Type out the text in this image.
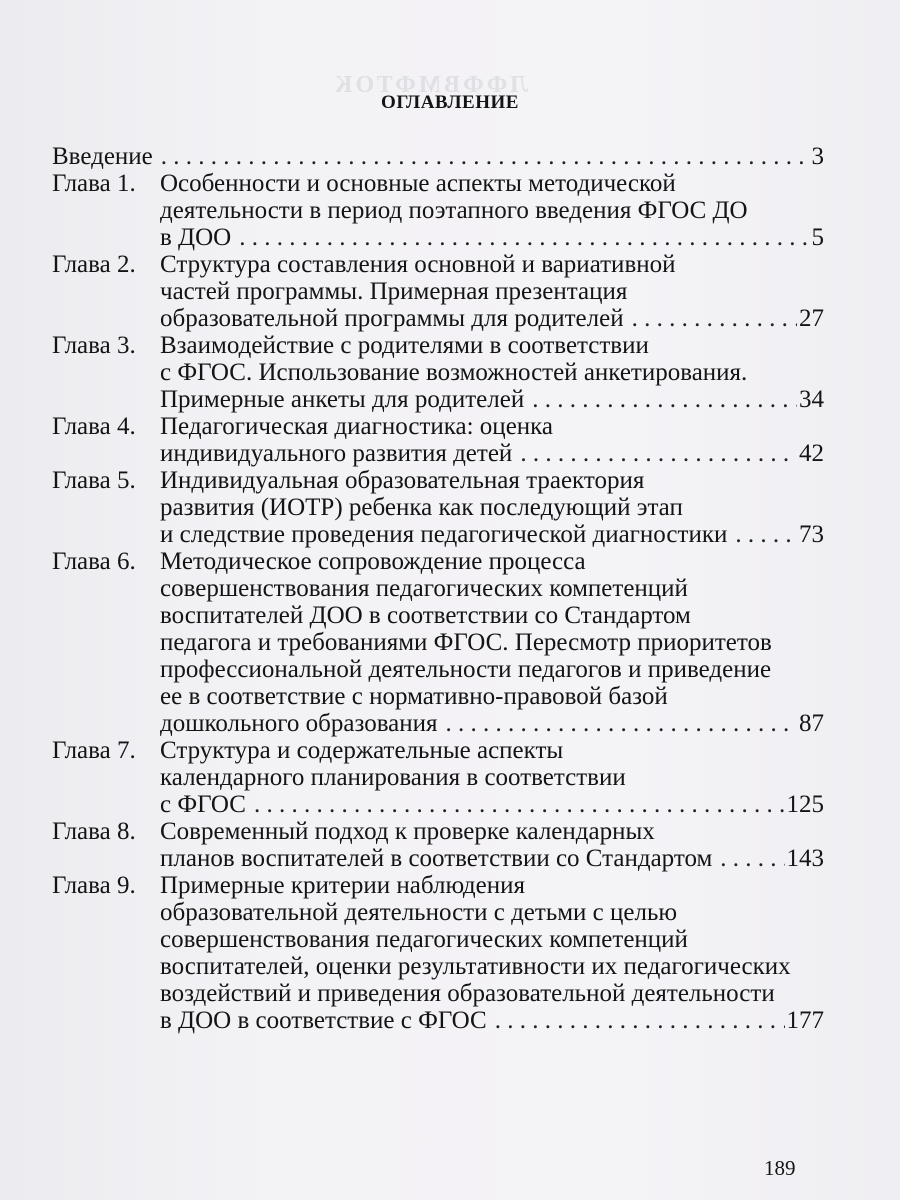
ЛФФВМФТОК
ОГЛАВЛЕНИЕ
Введение . . .	3
Глава 1. Особенности и основные аспекты методической
деятельности в период поэтапного введения ФГОС ДО
в ДОО . . .	5
Глава 2. Структура составления основной и вариативной
частей программы. Примерная презентация
образовательной программы для родителей . . .	27
Глава 3. Взаимодействие с родителями в соответствии
с ФГОС. Использование возможностей анкетирования.
Примерные анкеты для родителей . . .	34
Глава 4. Педагогическая диагностика: оценка
индивидуального развития детей . . .	42
Глава 5. Индивидуальная образовательная траектория
развития (ИОТР) ребенка как последующий этап
и следствие проведения педагогической диагностики . . .	73
Глава 6. Методическое сопровождение процесса
совершенствования педагогических компетенций
воспитателей ДОО в соответствии со Стандартом
педагога и требованиями ФГОС. Пересмотр приоритетов
профессиональной деятельности педагогов и приведение
ее в соответствие с нормативно-правовой базой
дошкольного образования . . .	87
Глава 7. Структура и содержательные аспекты
календарного планирования в соответствии
с ФГОС . . .	125
Глава 8. Современный подход к проверке календарных
планов воспитателей в соответствии со Стандартом . . .	143
Глава 9. Примерные критерии наблюдения
образовательной деятельности с детьми с целью
совершенствования педагогических компетенций
воспитателей, оценки результативности их педагогических
воздействий и приведения образовательной деятельности
в ДОО в соответствие с ФГОС . . .	177
189
